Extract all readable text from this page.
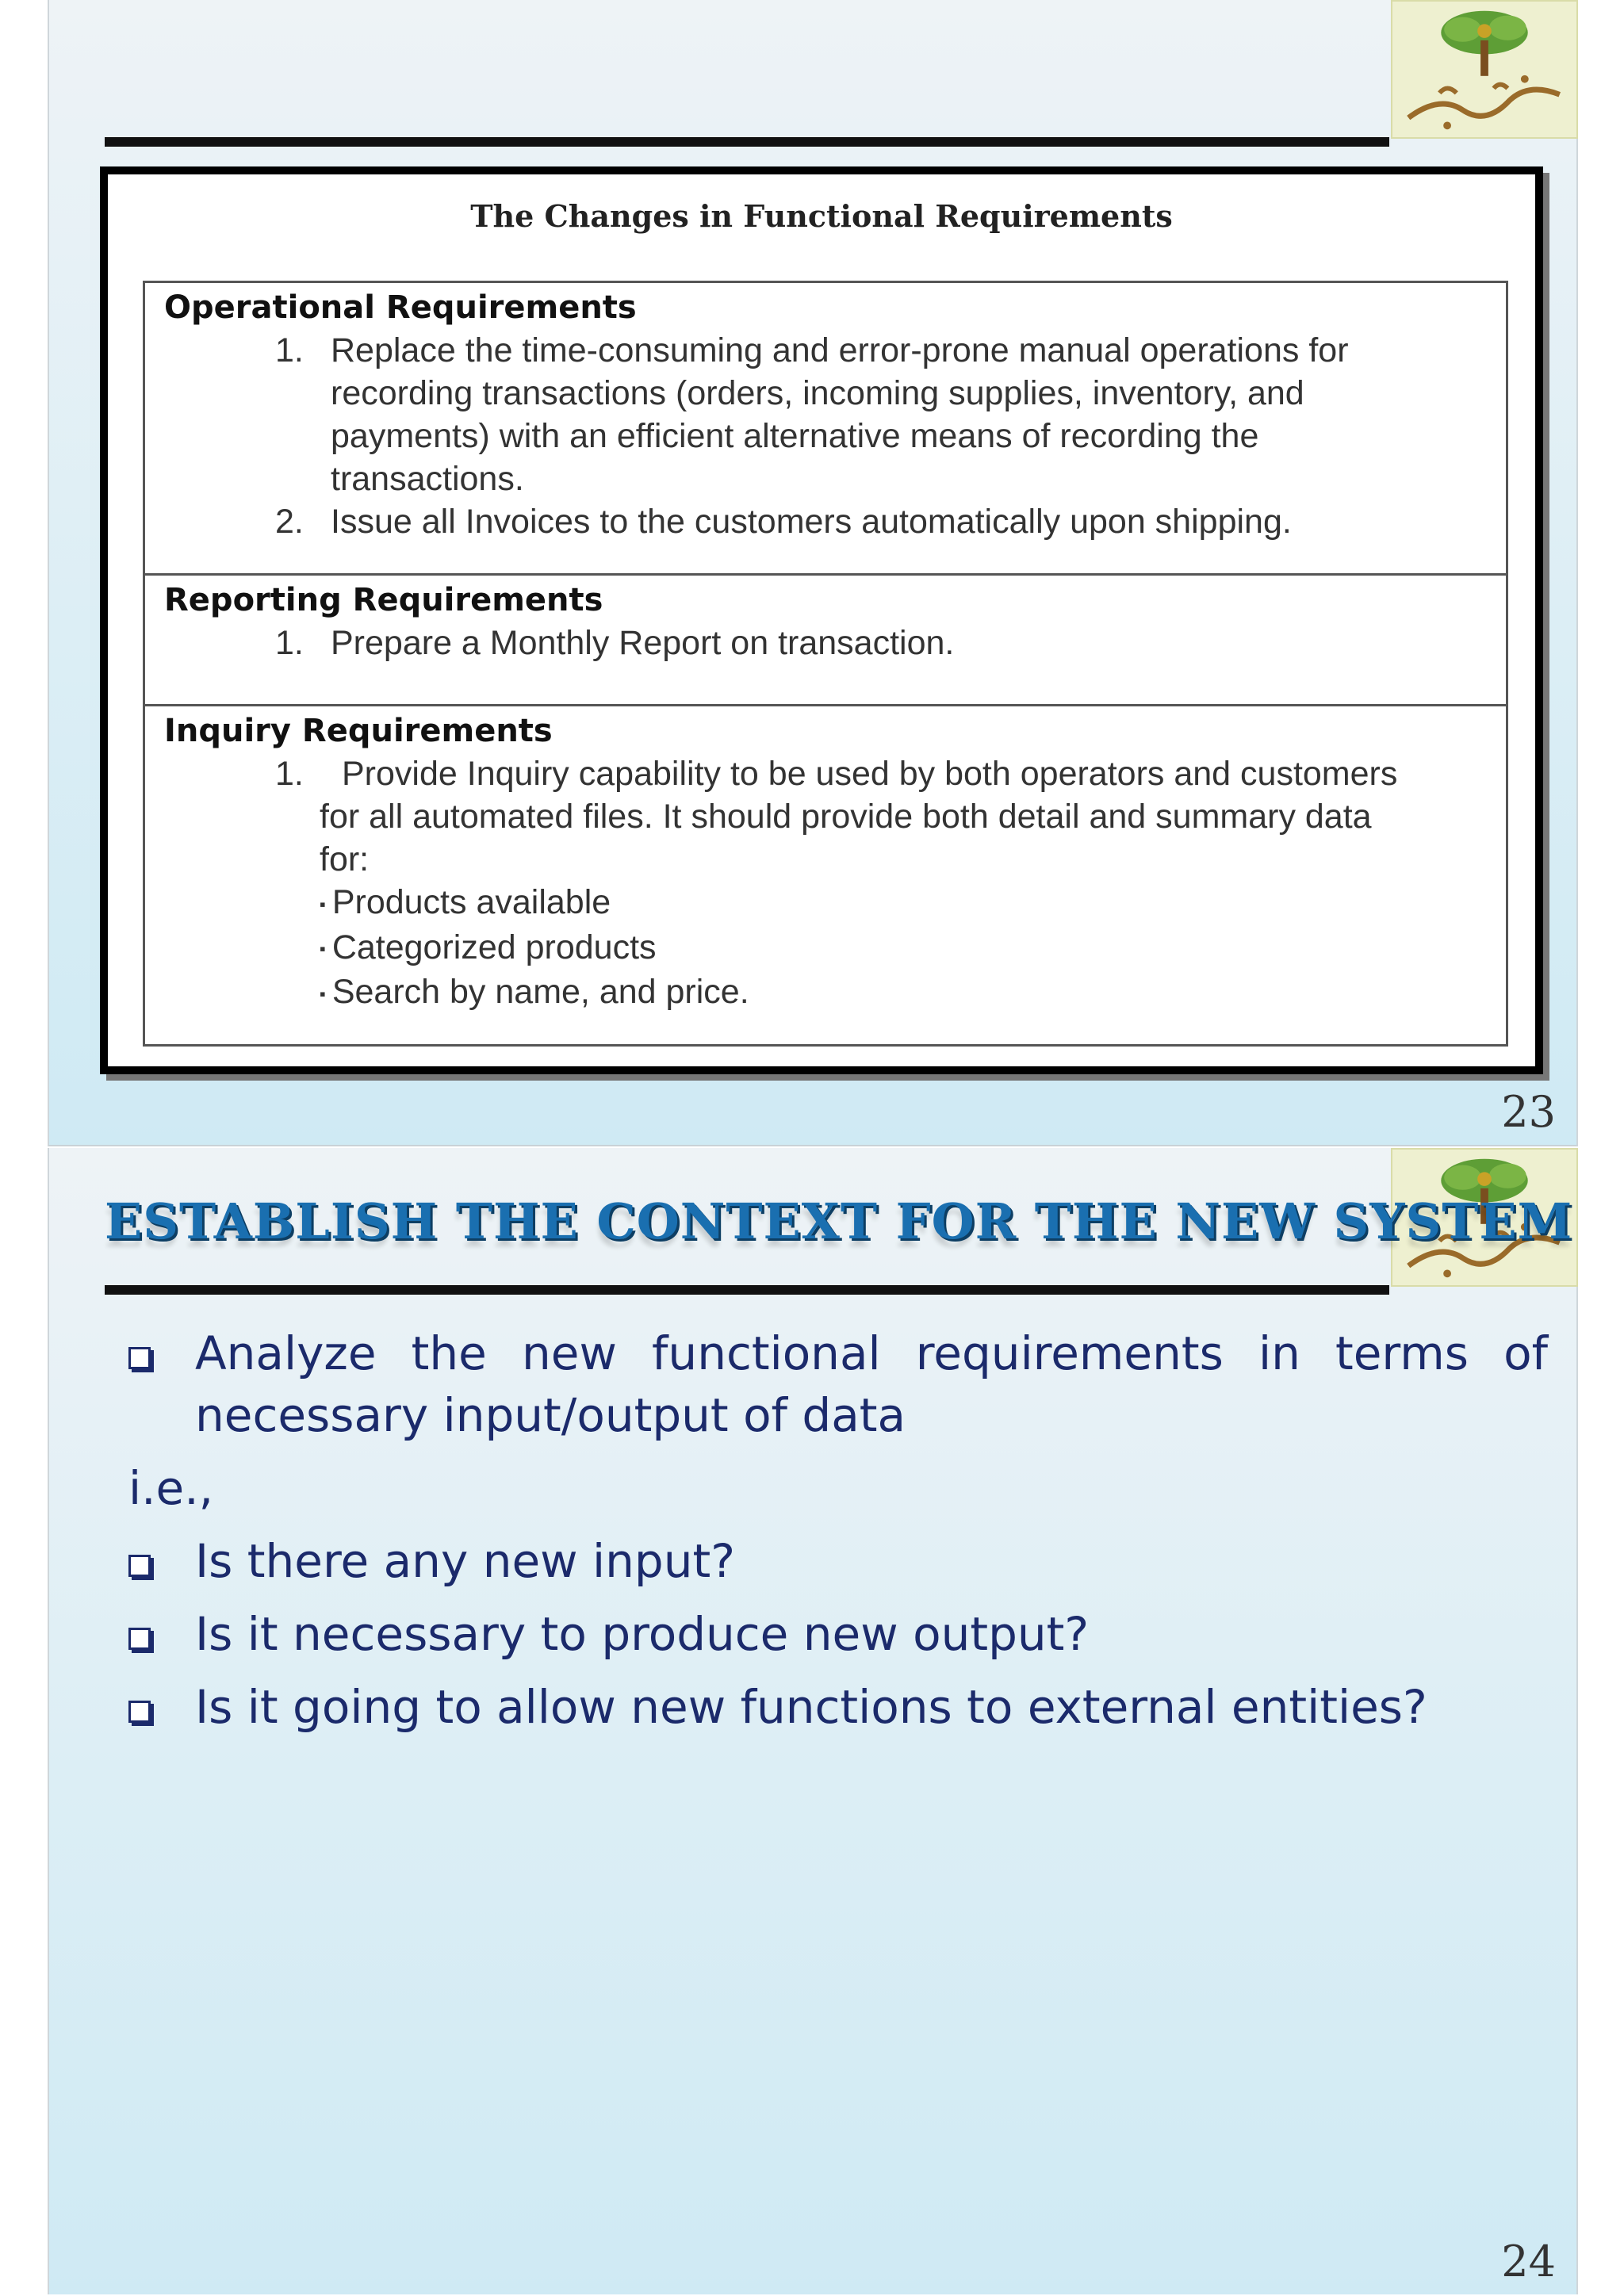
The Changes in Functional Requirements
Operational Requirements
1. Replace the time-consuming and error-prone manual operations for
recording transactions (orders, incoming supplies, inventory, and
payments) with an efficient alternative means of recording the
transactions.
2. Issue all Invoices to the customers automatically upon shipping.
Reporting Requirements
1. Prepare a Monthly Report on transaction.
Inquiry Requirements
1.	Provide Inquiry capability to be used by both operators and customers
for all automated files. It should provide both detail and summary data
for:
▪ Products available
▪ Categorized products
▪ Search by name, and price.
23
ESTABLISH THE CONTEXT FOR THE NEW SYSTEM
Analyze the new functional requirements in terms of necessary input/output of data
i.e.,
Is there any new input?
Is it necessary to produce new output?
Is it going to allow new functions to external entities?
24
